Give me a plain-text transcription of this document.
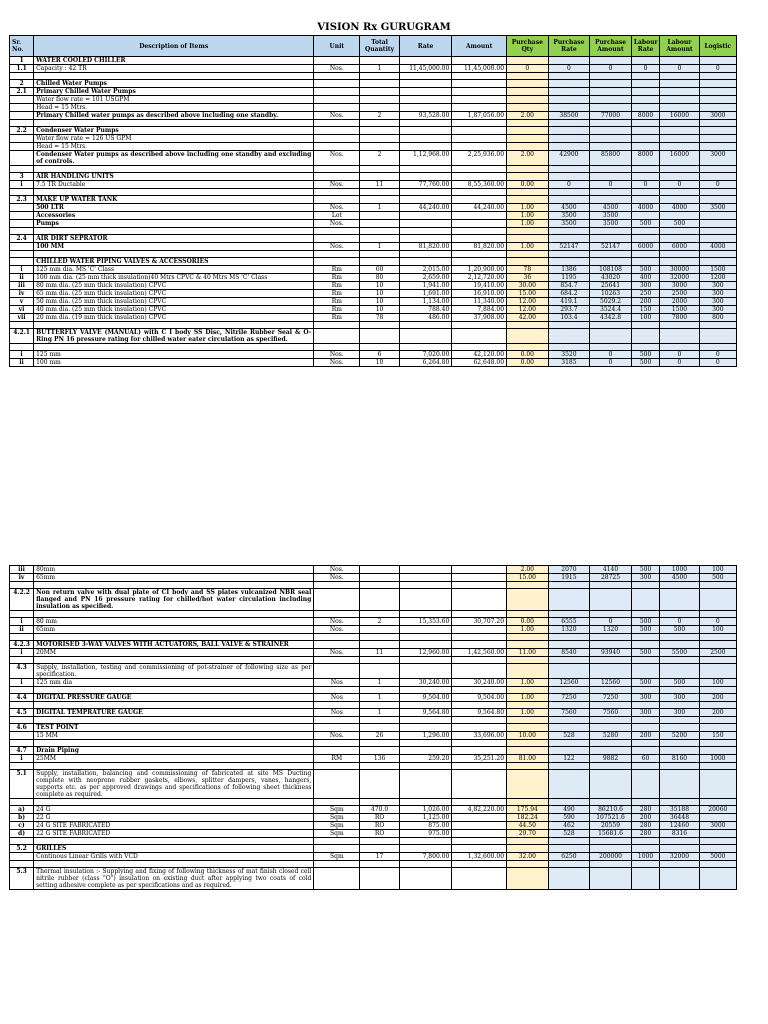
VISION Rx GURUGRAM
Sr. No.	Description of Items	Unit	Total Quantity	Rate	Amount	Purchase Qty	Purchase Rate	Purchase Amount	Labour Rate	Labour Amount	Logistic
1	WATER COOLED CHILLER										
1.1	Capacity : 42 TR	Nos.	1	11,45,000.00	11,45,000.00	0	0	0	0	0	0

2	Chilled Water Pumps										
2.1	Primary Chilled Water Pumps										
	Water flow rate = 101 USGPM										
	Head = 15 Mtrs.										
	Primary Chilled water pumps as described above including one standby.	Nos.	2	93,528.00	1,87,056.00	2.00	38500	77000	8000	16000	3000

2.2	Condenser Water Pumps										
	Water flow rate = 126 US GPM										
	Head = 15 Mtrs.										
	Condenser Water pumps as described above including one standby and excluding of controls.	Nos.	2	1,12,968.00	2,25,936.00	2.00	42900	85800	8000	16000	3000

3	AIR HANDLING UNITS										
i	7.5 TR Ductable	Nos.	11	77,760.00	8,55,360.00	0.00	0	0	0	0	0

2.3	MAKE UP WATER TANK										
	500 LTR	Nos.	1	44,240.00	44,240.00	1.00	4500	4500	4000	4000	3500
	Accessories	Lot				1.00	3500	3500			
	Pumps	Nos.				1.00	3500	3500	500	500	

2.4	AIR DIRT SEPRATOR										
	100 MM	Nos.	1	81,820.00	81,820.00	1.00	52147	52147	6000	6000	4000

	CHILLED WATER PIPING VALVES & ACCESSORIES										
i	125 mm dia. MS 'C' Class	Rm	60	2,015.00	1,20,900.00	78	1386	108108	500	30000	1500
ii	100 mm dia. (25 mm thick insulation)40 Mtrs CPVC & 40 Mtrs MS 'C' Class	Rm	80	2,659.00	2,12,720.00	36	1195	43020	400	32000	1200
iii	80 mm dia. (25 mm thick insulation) CPVC	Rm	10	1,941.00	19,410.00	30.00	854.7	25641	300	3000	300
iv	65 mm dia. (25 mm thick insulation) CPVC	Rm	10	1,691.00	16,910.00	15.00	684.2	10263	250	2500	300
v	50 mm dia. (25 mm thick insulation) CPVC	Rm	10	1,134.00	11,340.00	12.00	419.1	5029.2	200	2000	300
vi	40 mm dia. (25 mm thick insulation) CPVC	Rm	10	788.40	7,884.00	12.00	293.7	3524.4	150	1500	300
vii	20 mm dia. (19 mm thick insulation) CPVC	Rm	78	486.00	37,908.00	42.00	103.4	4342.8	100	7800	800

4.2.1	BUTTERFLY VALVE (MANUAL) with C I body SS Disc, Nitrile Rubber Seal & O- Ring PN 16 pressure rating for chilled water eater circulation as specified.										

i	125 mm	Nos.	6	7,020.00	42,120.00	0.00	3520	0	500	0	0
ii	100 mm	Nos.	10	6,264.80	62,648.00	0.00	3185	0	500	0	0
iii	80mm	Nos.				2.00	2070	4140	500	1000	100
iv	65mm	Nos.				15.00	1915	28725	300	4500	500

4.2.2	Non return valve with dual plate of CI body and SS plates vulcanized NBR seal flanged and PN 16 pressure rating for chilled/hot water circulation including insulation as specified.										

i	80 mm	Nos.	2	15,353.60	30,707.20	0.00	6555	0	500	0	0
ii	65mm	Nos.				1.00	1320	1320	500	500	100

4.2.3	MOTORISED 3-WAY VALVES WITH ACTUATORS, BALL VALVE & STRAINER										
i	20MM	Nos.	11	12,960.00	1,42,560.00	11.00	8540	93940	500	5500	2500

4.3	Supply, installation, testing and commissioning of pot-strainer of following size as per specification.										
i	125 mm dia	Nos	1	30,240.00	30,240.00	1.00	12560	12560	500	500	100

4.4	DIGITAL PRESSURE GAUGE	Nos	1	9,504.00	9,504.00	1.00	7250	7250	300	300	200

4.5	DIGITAL TEMPRATURE GAUGE	Nos	1	9,564.80	9,564.80	1.00	7560	7560	300	300	200

4.6	TEST POINT										
	15 MM	Nos.	26	1,296.00	33,696.00	10.00	528	5280	200	5200	150

4.7	Drain Piping										
i	25MM	RM	136	259.20	35,251.20	81.00	122	9882	60	8160	1000

5.1	Supply, installation, balancing and commissioning of fabricated at site MS Ducting complete with neoprene rubber gaskets, elbows, splitter dampers, vanes, hangers, supports etc. as per approved drawings and specifications of following sheet thickness complete as required.										

a)	24 G	Sqm	470.0	1,026.00	4,82,220.00	175.94	490	86210.6	280	35188	20060
b)	22 G	Sqm	RO	1,125.00		182.24	590	107521.6	200	36448	
c)	24 G SITE FABRICATED	Sqm	RO	875.00		44.50	462	20559	280	12460	3000
d)	22 G SITE FABRICATED	Sqm	RO	975.00		29.70	528	15681.6	280	8316	

5.2	GRILLES										
	Continous Linear Grills with VCD	Sqm	17	7,800.00	1,32,600.00	32.00	6250	200000	1000	32000	5000

5.3	Thermal insulation :- Supplying and fixing of following thickness of mat finish closed cell nitrile rubber (class "O") insulation on existing duct after applying two coats of cold setting adhesive complete as per specifications and as required.										
